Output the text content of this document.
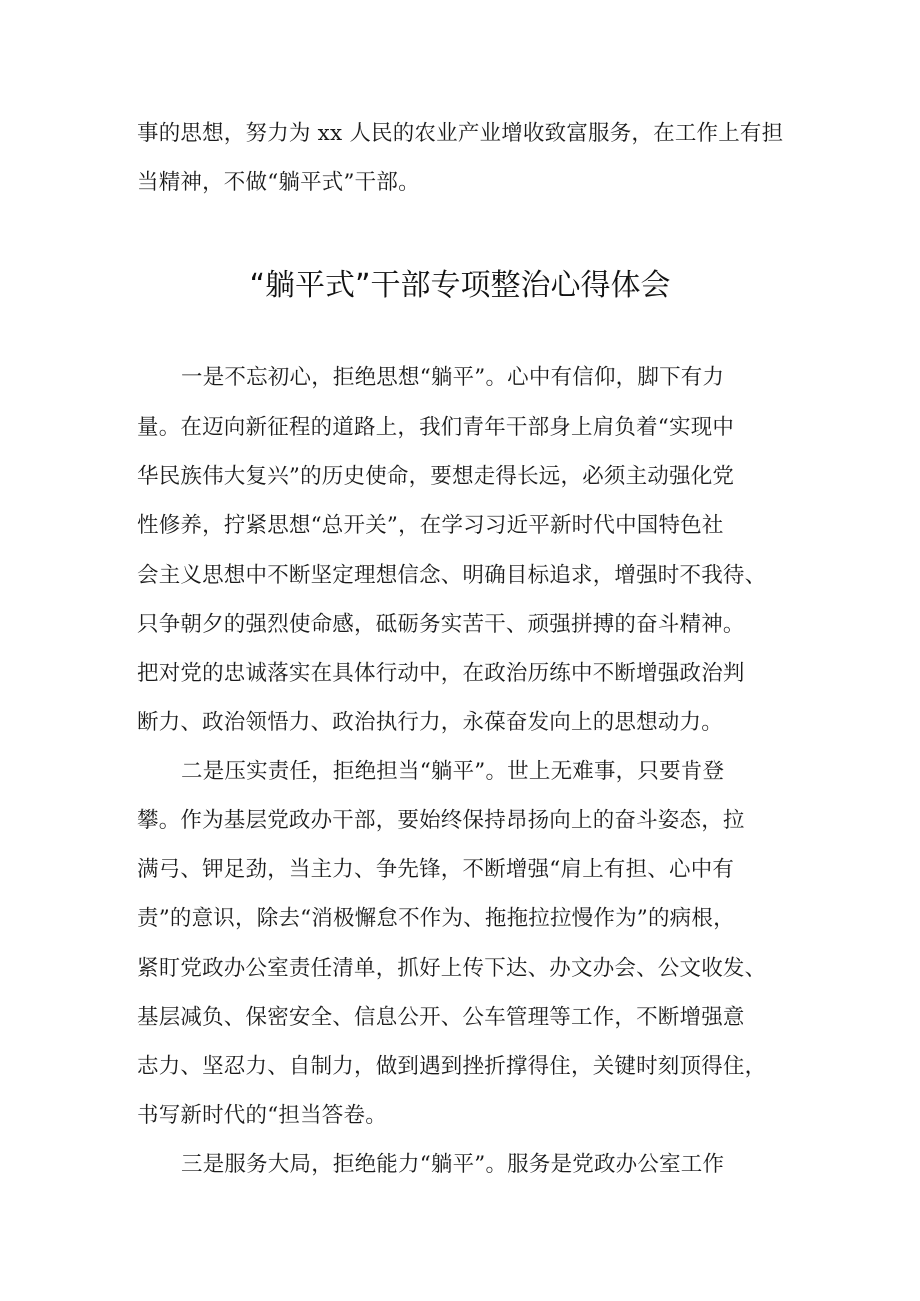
事的思想，努力为 xx 人民的农业产业增收致富服务，在工作上有担
当精神，不做“躺平式”干部。
“躺平式”干部专项整治心得体会
一是不忘初心，拒绝思想“躺平”。心中有信仰，脚下有力
量。在迈向新征程的道路上，我们青年干部身上肩负着“实现中
华民族伟大复兴”的历史使命，要想走得长远，必须主动强化党
性修养，拧紧思想“总开关”，在学习习近平新时代中国特色社
会主义思想中不断坚定理想信念、明确目标追求，增强时不我待、
只争朝夕的强烈使命感，砥砺务实苦干、顽强拼搏的奋斗精神。
把对党的忠诚落实在具体行动中，在政治历练中不断增强政治判
断力、政治领悟力、政治执行力，永葆奋发向上的思想动力。
二是压实责任，拒绝担当“躺平”。世上无难事，只要肯登
攀。作为基层党政办干部，要始终保持昂扬向上的奋斗姿态，拉
满弓、钾足劲，当主力、争先锋，不断增强“肩上有担、心中有
责”的意识，除去“消极懈怠不作为、拖拖拉拉慢作为”的病根，
紧盯党政办公室责任清单，抓好上传下达、办文办会、公文收发、
基层减负、保密安全、信息公开、公车管理等工作，不断增强意
志力、坚忍力、自制力，做到遇到挫折撑得住，关键时刻顶得住，
书写新时代的“担当答卷。
三是服务大局，拒绝能力“躺平”。服务是党政办公室工作
